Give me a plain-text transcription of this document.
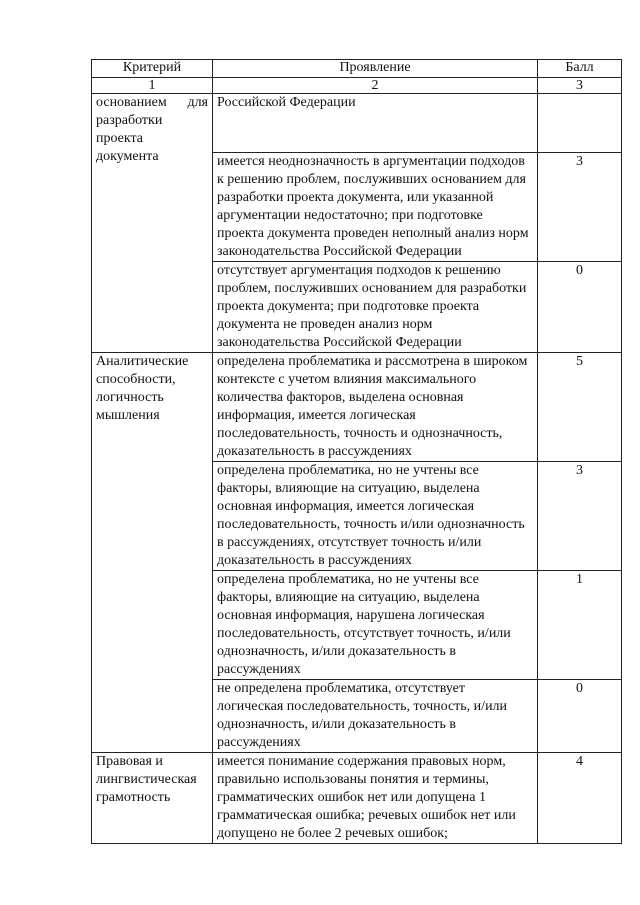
Критерий	Проявление	Балл
1	2	3
основанием для разработки проекта документа	Российской Федерации	
	имеется неоднозначность в аргументации подходов к решению проблем, послуживших основанием для разработки проекта документа, или указанной аргументации недостаточно; при подготовке проекта документа проведен неполный анализ норм законодательства Российской Федерации	3
	отсутствует аргументация подходов к решению проблем, послуживших основанием для разработки проекта документа; при подготовке проекта документа не проведен анализ норм законодательства Российской Федерации	0
Аналитические способности, логичность мышления	определена проблематика и рассмотрена в широком контексте с учетом влияния максимального количества факторов, выделена основная информация, имеется логическая последовательность, точность и однозначность, доказательность в рассуждениях	5
	определена проблематика, но не учтены все факторы, влияющие на ситуацию, выделена основная информация, имеется логическая последовательность, точность и/или однозначность в рассуждениях, отсутствует точность и/или доказательность в рассуждениях	3
	определена проблематика, но не учтены все факторы, влияющие на ситуацию, выделена основная информация, нарушена логическая последовательность, отсутствует точность, и/или однозначность, и/или доказательность в рассуждениях	1
	не определена проблематика, отсутствует логическая последовательность, точность, и/или однозначность, и/или доказательность в рассуждениях	0
Правовая и лингвистическая грамотность	имеется понимание содержания правовых норм, правильно использованы понятия и термины, грамматических ошибок нет или допущена 1 грамматическая ошибка; речевых ошибок нет или допущено не более 2 речевых ошибок;	4
